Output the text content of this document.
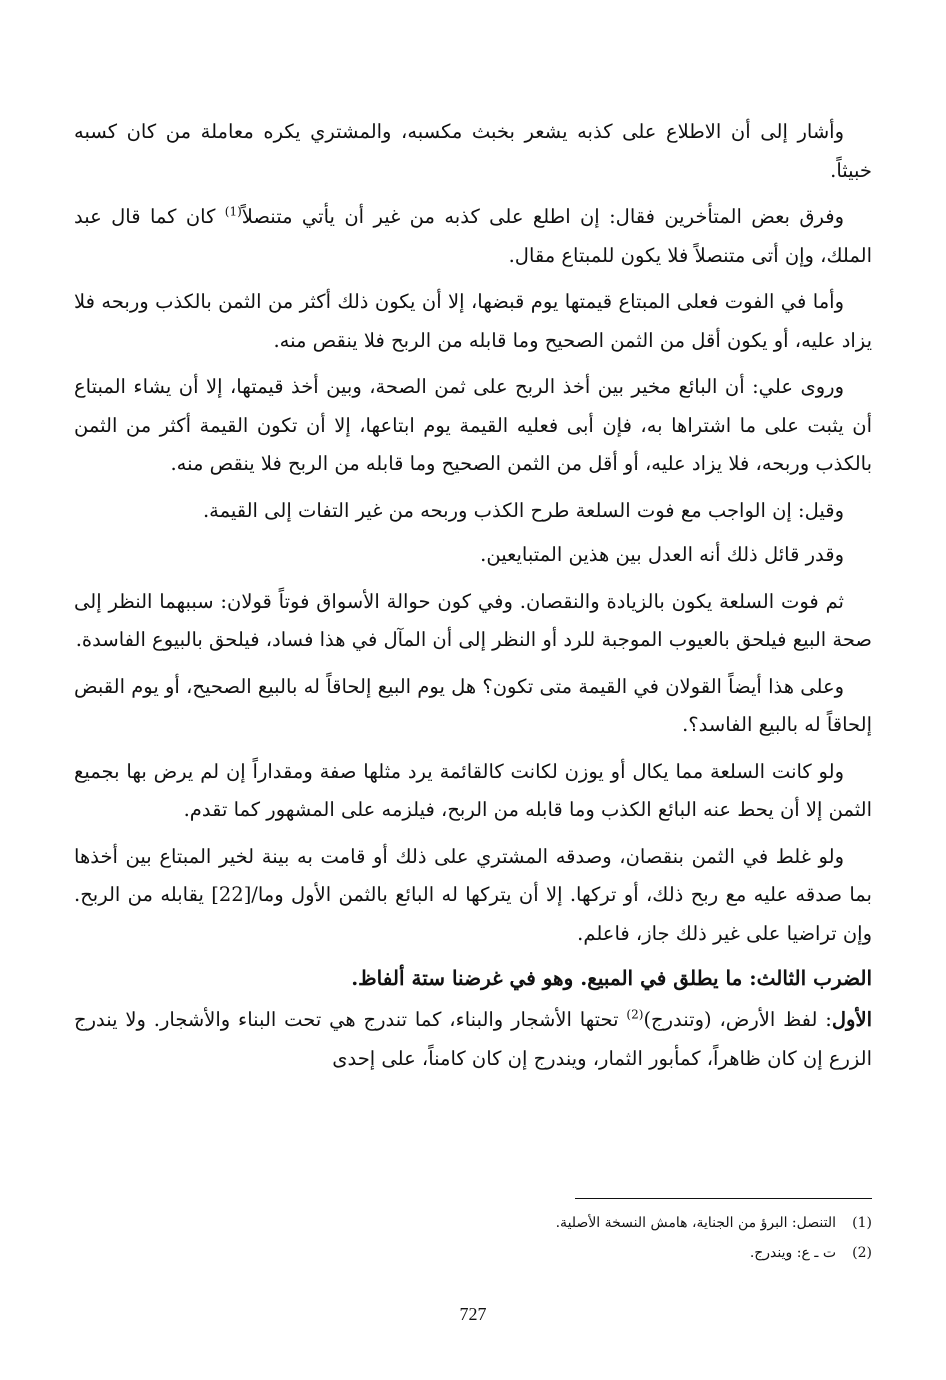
وأشار إلى أن الاطلاع على كذبه يشعر بخبث مكسبه، والمشتري يكره معاملة من كان كسبه خبيثاً.

وفرق بعض المتأخرين فقال: إن اطلع على كذبه من غير أن يأتي متنصلاً$^{(1)}$ كان كما قال عبد الملك، وإن أتى متنصلاً فلا يكون للمبتاع مقال.

وأما في الفوت فعلى المبتاع قيمتها يوم قبضها، إلا أن يكون ذلك أكثر من الثمن بالكذب وربحه فلا يزاد عليه، أو يكون أقل من الثمن الصحيح وما قابله من الربح فلا ينقص منه.

وروى علي: أن البائع مخير بين أخذ الربح على ثمن الصحة، وبين أخذ قيمتها، إلا أن يشاء المبتاع أن يثبت على ما اشتراها به، فإن أبى فعليه القيمة يوم ابتاعها، إلا أن تكون القيمة أكثر من الثمن بالكذب وربحه، فلا يزاد عليه، أو أقل من الثمن الصحيح وما قابله من الربح فلا ينقص منه.

وقيل: إن الواجب مع فوت السلعة طرح الكذب وربحه من غير التفات إلى القيمة.

وقدر قائل ذلك أنه العدل بين هذين المتبايعين.

ثم فوت السلعة يكون بالزيادة والنقصان. وفي كون حوالة الأسواق فوتاً قولان: سببهما النظر إلى صحة البيع فيلحق بالعيوب الموجبة للرد أو النظر إلى أن المآل في هذا فساد، فيلحق بالبيوع الفاسدة.

وعلى هذا أيضاً القولان في القيمة متى تكون؟ هل يوم البيع إلحاقاً له بالبيع الصحيح، أو يوم القبض إلحاقاً له بالبيع الفاسد؟.

ولو كانت السلعة مما يكال أو يوزن لكانت كالقائمة يرد مثلها صفة ومقداراً إن لم يرض بها بجميع الثمن إلا أن يحط عنه البائع الكذب وما قابله من الربح، فيلزمه على المشهور كما تقدم.

ولو غلط في الثمن بنقصان، وصدقه المشتري على ذلك أو قامت به بينة لخير المبتاع بين أخذها بما صدقه عليه مع ربح ذلك، أو تركها. إلا أن يتركها له البائع بالثمن الأول وما/[22] يقابله من الربح. وإن تراضيا على غير ذلك جاز، فاعلم.

الضرب الثالث: ما يطلق في المبيع. وهو في غرضنا ستة ألفاظ.

الأول: لفظ الأرض، (وتندرج)$^{(2)}$ تحتها الأشجار والبناء، كما تندرج هي تحت البناء والأشجار. ولا يندرج الزرع إن كان ظاهراً، كمأبور الثمار، ويندرج إن كان كامناً، على إحدى

(1)التنصل: البرؤ من الجناية، هامش النسخة الأصلية.
(2)ت ـ ع: ويندرج.
727
